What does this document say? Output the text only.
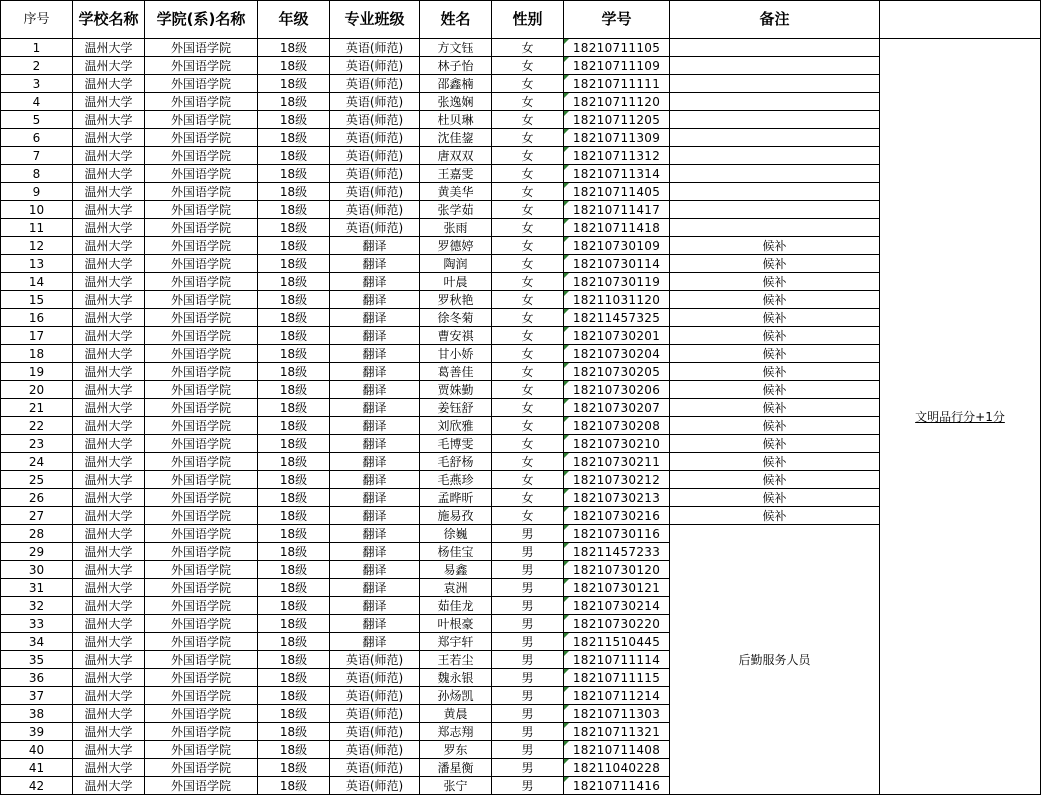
序号	学校名称	学院(系)名称	年级	专业班级	姓名	性别	学号	备注	
1	温州大学	外国语学院	18级	英语(师范)	方文钰	女	18210711105		文明品行分+1分
2	温州大学	外国语学院	18级	英语(师范)	林子怡	女	18210711109		
3	温州大学	外国语学院	18级	英语(师范)	邵鑫楠	女	18210711111		
4	温州大学	外国语学院	18级	英语(师范)	张逸娴	女	18210711120		
5	温州大学	外国语学院	18级	英语(师范)	杜贝琳	女	18210711205		
6	温州大学	外国语学院	18级	英语(师范)	沈佳鋆	女	18210711309		
7	温州大学	外国语学院	18级	英语(师范)	唐双双	女	18210711312		
8	温州大学	外国语学院	18级	英语(师范)	王嘉雯	女	18210711314		
9	温州大学	外国语学院	18级	英语(师范)	黄美华	女	18210711405		
10	温州大学	外国语学院	18级	英语(师范)	张学茹	女	18210711417		
11	温州大学	外国语学院	18级	英语(师范)	张雨	女	18210711418		
12	温州大学	外国语学院	18级	翻译	罗德婷	女	18210730109	候补	
13	温州大学	外国语学院	18级	翻译	陶润	女	18210730114	候补	
14	温州大学	外国语学院	18级	翻译	叶晨	女	18210730119	候补	
15	温州大学	外国语学院	18级	翻译	罗秋艳	女	18211031120	候补	
16	温州大学	外国语学院	18级	翻译	徐冬菊	女	18211457325	候补	
17	温州大学	外国语学院	18级	翻译	曹安祺	女	18210730201	候补	
18	温州大学	外国语学院	18级	翻译	甘小娇	女	18210730204	候补	
19	温州大学	外国语学院	18级	翻译	葛善佳	女	18210730205	候补	
20	温州大学	外国语学院	18级	翻译	贾姝勤	女	18210730206	候补	
21	温州大学	外国语学院	18级	翻译	姜钰舒	女	18210730207	候补	
22	温州大学	外国语学院	18级	翻译	刘欣雅	女	18210730208	候补	
23	温州大学	外国语学院	18级	翻译	毛博雯	女	18210730210	候补	
24	温州大学	外国语学院	18级	翻译	毛舒杨	女	18210730211	候补	
25	温州大学	外国语学院	18级	翻译	毛燕珍	女	18210730212	候补	
26	温州大学	外国语学院	18级	翻译	孟晔昕	女	18210730213	候补	
27	温州大学	外国语学院	18级	翻译	施易孜	女	18210730216	候补	
28	温州大学	外国语学院	18级	翻译	徐巍	男	18210730116	后勤服务人员	
29	温州大学	外国语学院	18级	翻译	杨佳宝	男	18211457233		
30	温州大学	外国语学院	18级	翻译	易鑫	男	18210730120		
31	温州大学	外国语学院	18级	翻译	袁洲	男	18210730121		
32	温州大学	外国语学院	18级	翻译	茹佳龙	男	18210730214		
33	温州大学	外国语学院	18级	翻译	叶根豪	男	18210730220		
34	温州大学	外国语学院	18级	翻译	郑宇轩	男	18211510445		
35	温州大学	外国语学院	18级	英语(师范)	王若尘	男	18210711114		
36	温州大学	外国语学院	18级	英语(师范)	魏永银	男	18210711115		
37	温州大学	外国语学院	18级	英语(师范)	孙炀凯	男	18210711214		
38	温州大学	外国语学院	18级	英语(师范)	黄晨	男	18210711303		
39	温州大学	外国语学院	18级	英语(师范)	郑志翔	男	18210711321		
40	温州大学	外国语学院	18级	英语(师范)	罗东	男	18210711408		
41	温州大学	外国语学院	18级	英语(师范)	潘星衡	男	18211040228		
42	温州大学	外国语学院	18级	英语(师范)	张宁	男	18210711416		
